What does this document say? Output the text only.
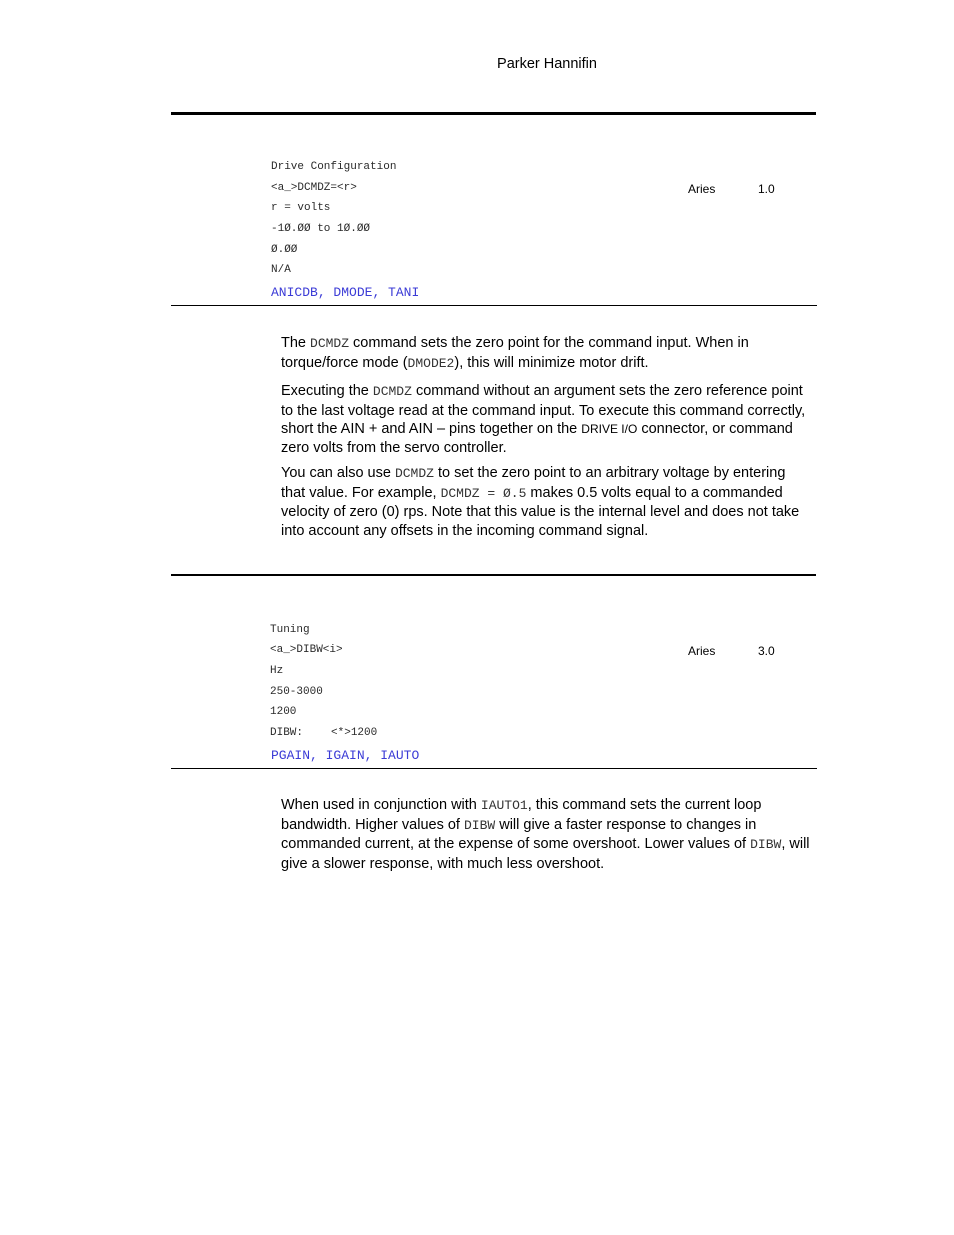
Parker Hannifin
Drive Configuration
<a_>DCMDZ=<r>	Aries	1.0
r = volts
-1Ø.ØØ to 1Ø.ØØ
Ø.ØØ
N/A
ANICDB, DMODE, TANI

The DCMDZ command sets the zero point for the command input. When in torque/force mode (DMODE2), this will minimize motor drift.

Executing the DCMDZ command without an argument sets the zero reference point to the last voltage read at the command input. To execute this command correctly, short the AIN + and AIN – pins together on the DRIVE I/O connector, or command zero volts from the servo controller.

You can also use DCMDZ to set the zero point to an arbitrary voltage by entering that value. For example, DCMDZ = Ø.5 makes 0.5 volts equal to a commanded velocity of zero (0) rps. Note that this value is the internal level and does not take into account any offsets in the incoming command signal.

Tuning
<a_>DIBW<i>	Aries	3.0
Hz
250-3000
1200
DIBW:	<*>1200
PGAIN, IGAIN, IAUTO

When used in conjunction with IAUTO1, this command sets the current loop bandwidth. Higher values of DIBW will give a faster response to changes in commanded current, at the expense of some overshoot. Lower values of DIBW, will give a slower response, with much less overshoot.
